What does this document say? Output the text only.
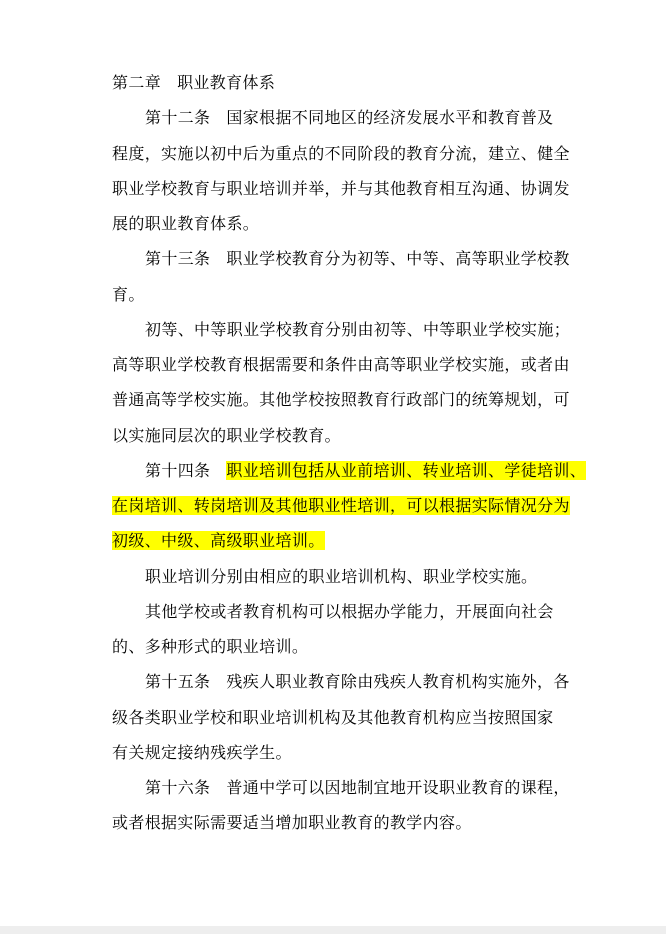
第二章 职业教育体系
第十二条 国家根据不同地区的经济发展水平和教育普及
程度，实施以初中后为重点的不同阶段的教育分流，建立、健全
职业学校教育与职业培训并举，并与其他教育相互沟通、协调发
展的职业教育体系。
第十三条 职业学校教育分为初等、中等、高等职业学校教
育。
初等、中等职业学校教育分别由初等、中等职业学校实施；
高等职业学校教育根据需要和条件由高等职业学校实施，或者由
普通高等学校实施。其他学校按照教育行政部门的统筹规划，可
以实施同层次的职业学校教育。
第十四条 职业培训包括从业前培训、转业培训、学徒培训、
在岗培训、转岗培训及其他职业性培训，可以根据实际情况分为
初级、中级、高级职业培训。
职业培训分别由相应的职业培训机构、职业学校实施。
其他学校或者教育机构可以根据办学能力，开展面向社会
的、多种形式的职业培训。
第十五条 残疾人职业教育除由残疾人教育机构实施外，各
级各类职业学校和职业培训机构及其他教育机构应当按照国家
有关规定接纳残疾学生。
第十六条 普通中学可以因地制宜地开设职业教育的课程，
或者根据实际需要适当增加职业教育的教学内容。
